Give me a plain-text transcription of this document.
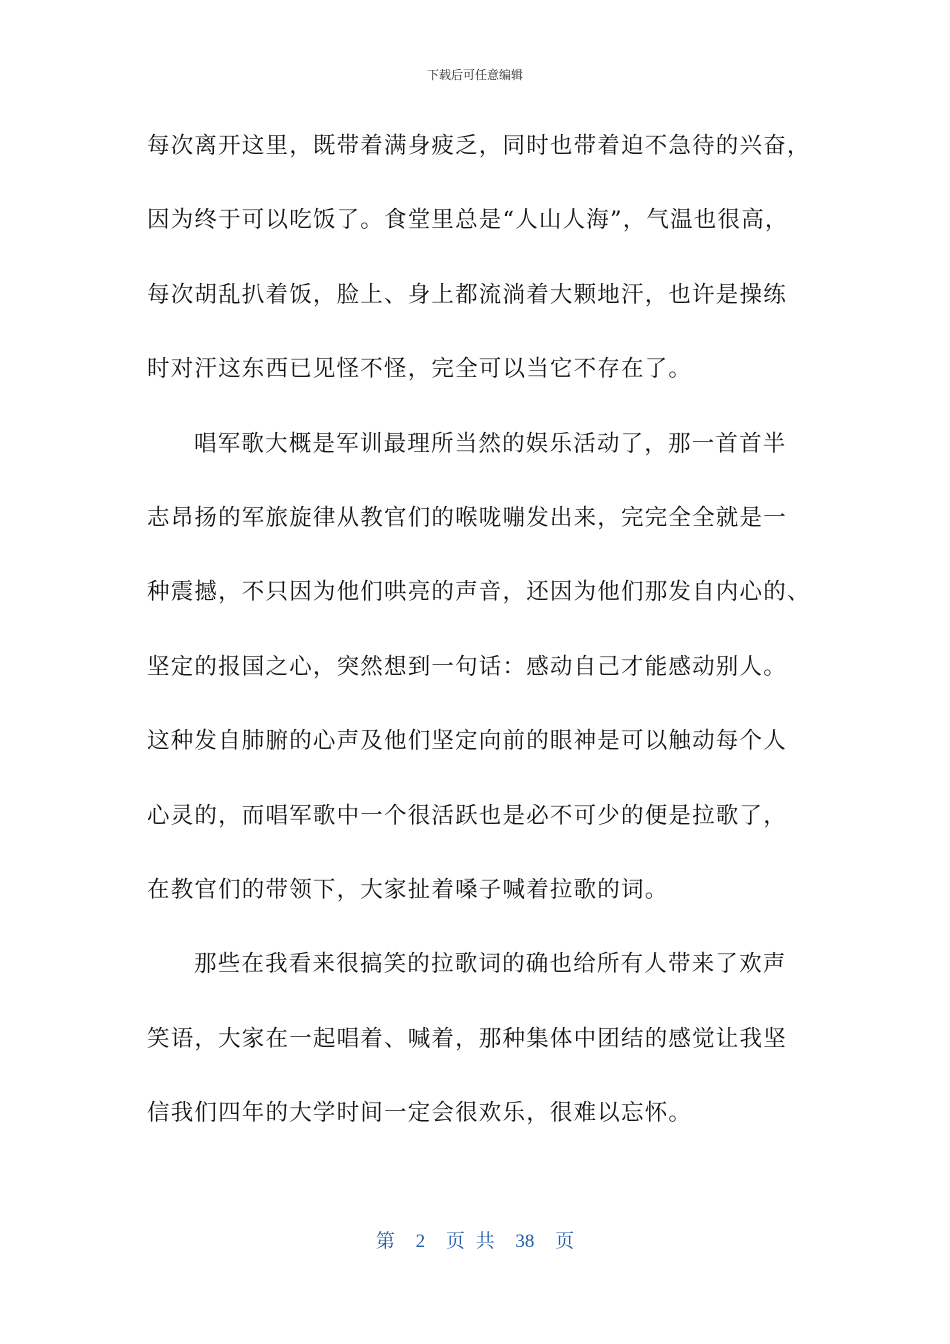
下载后可任意编辑
每次离开这里，既带着满身疲乏，同时也带着迫不急待的兴奋，
因为终于可以吃饭了。食堂里总是“人山人海”，气温也很高，
每次胡乱扒着饭，脸上、身上都流淌着大颗地汗，也许是操练
时对汗这东西已见怪不怪，完全可以当它不存在了。
唱军歌大概是军训最理所当然的娱乐活动了，那一首首半
志昂扬的军旅旋律从教官们的喉咙嘣发出来，完完全全就是一
种震撼，不只因为他们哄亮的声音，还因为他们那发自内心的、
坚定的报国之心，突然想到一句话：感动自己才能感动别人。
这种发自肺腑的心声及他们坚定向前的眼神是可以触动每个人
心灵的，而唱军歌中一个很活跃也是必不可少的便是拉歌了，
在教官们的带领下，大家扯着嗓子喊着拉歌的词。
那些在我看来很搞笑的拉歌词的确也给所有人带来了欢声
笑语，大家在一起唱着、喊着，那种集体中团结的感觉让我坚
信我们四年的大学时间一定会很欢乐，很难以忘怀。
第 2 页 共 38 页
